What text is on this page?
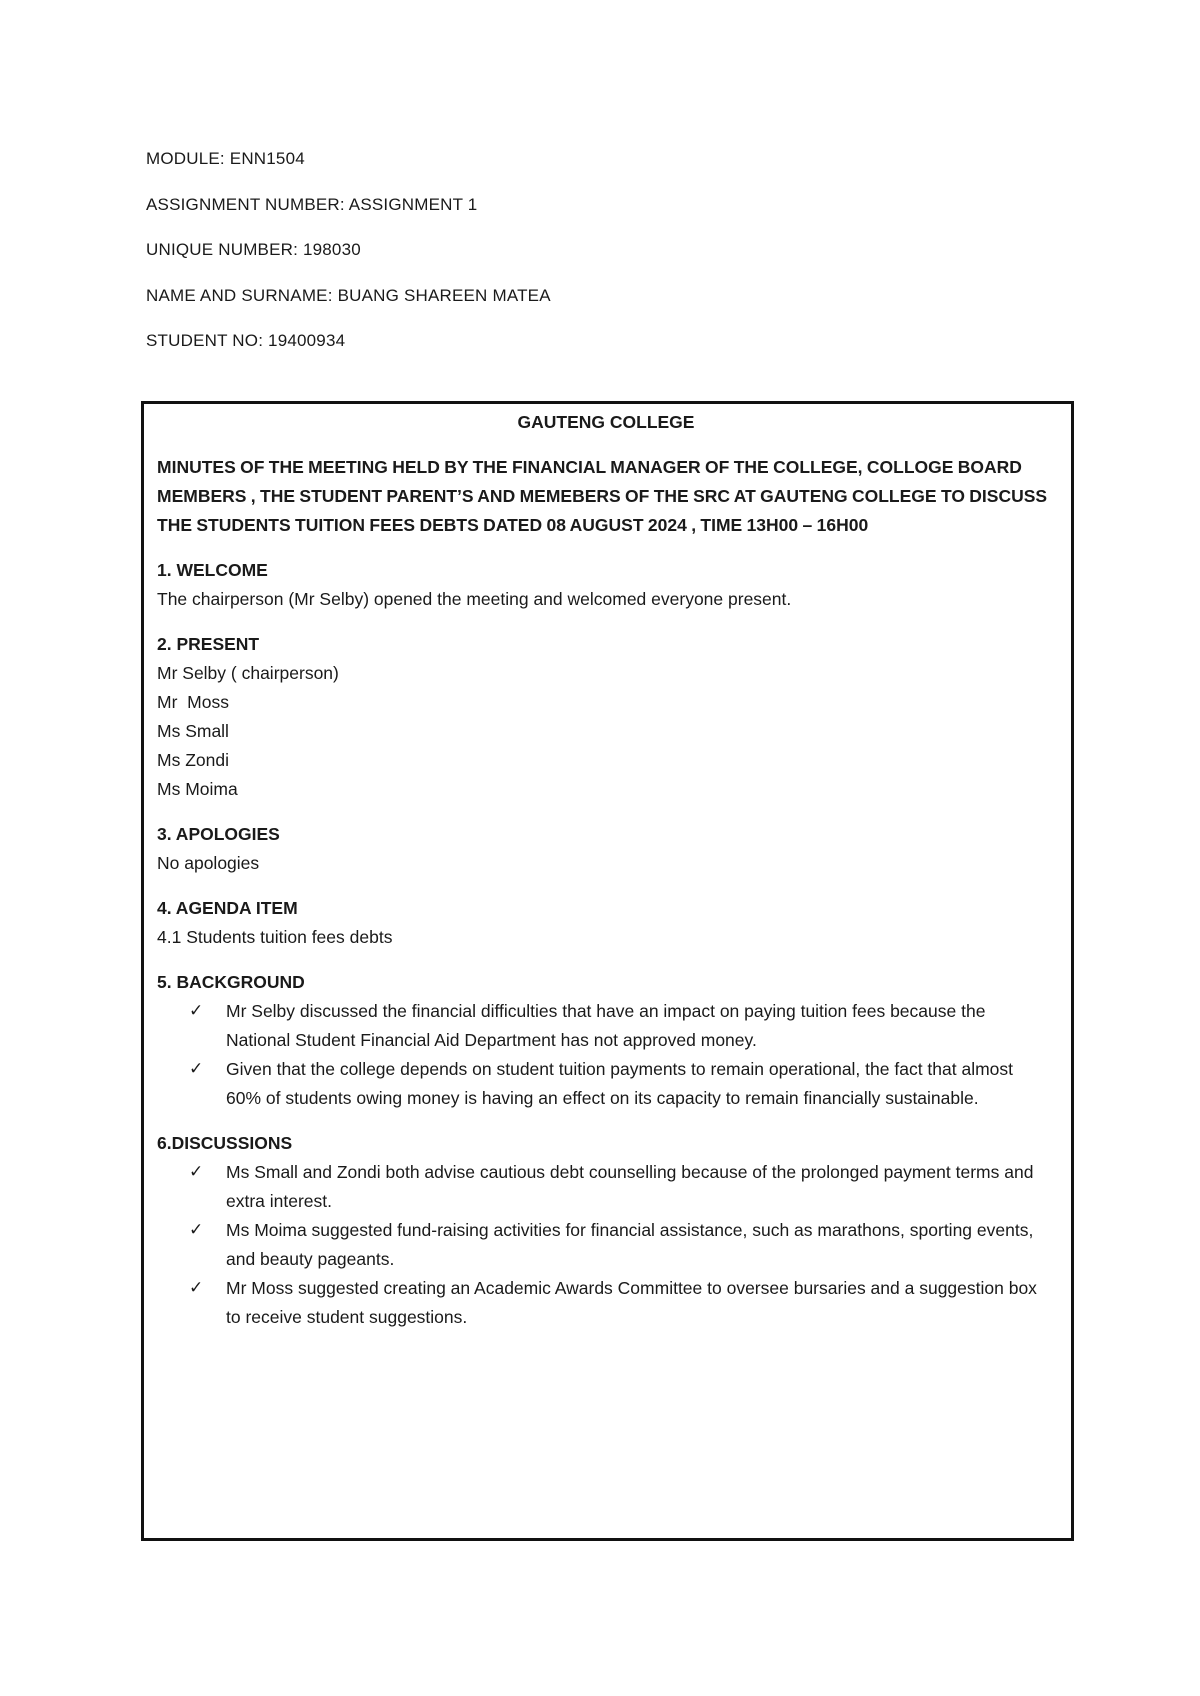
MODULE: ENN1504
ASSIGNMENT NUMBER: ASSIGNMENT 1
UNIQUE NUMBER: 198030
NAME AND SURNAME: BUANG SHAREEN MATEA
STUDENT NO: 19400934
GAUTENG COLLEGE
MINUTES OF THE MEETING HELD BY THE FINANCIAL MANAGER OF THE COLLEGE, COLLOGE BOARD MEMBERS , THE STUDENT PARENT’S AND MEMEBERS OF THE SRC AT GAUTENG COLLEGE TO DISCUSS THE STUDENTS TUITION FEES DEBTS DATED 08 AUGUST 2024 , TIME 13H00 – 16H00
1. WELCOME
The chairperson (Mr Selby) opened the meeting and welcomed everyone present.
2. PRESENT
Mr Selby ( chairperson)
Mr  Moss
Ms Small
Ms Zondi
Ms Moima
3. APOLOGIES
No apologies
4. AGENDA ITEM
4.1 Students tuition fees debts
5. BACKGROUND
✓ Mr Selby discussed the financial difficulties that have an impact on paying tuition fees because the National Student Financial Aid Department has not approved money.
✓ Given that the college depends on student tuition payments to remain operational, the fact that almost 60% of students owing money is having an effect on its capacity to remain financially sustainable.
6.DISCUSSIONS
✓ Ms Small and Zondi both advise cautious debt counselling because of the prolonged payment terms and extra interest.
✓ Ms Moima suggested fund-raising activities for financial assistance, such as marathons, sporting events, and beauty pageants.
✓ Mr Moss suggested creating an Academic Awards Committee to oversee bursaries and a suggestion box to receive student suggestions.
